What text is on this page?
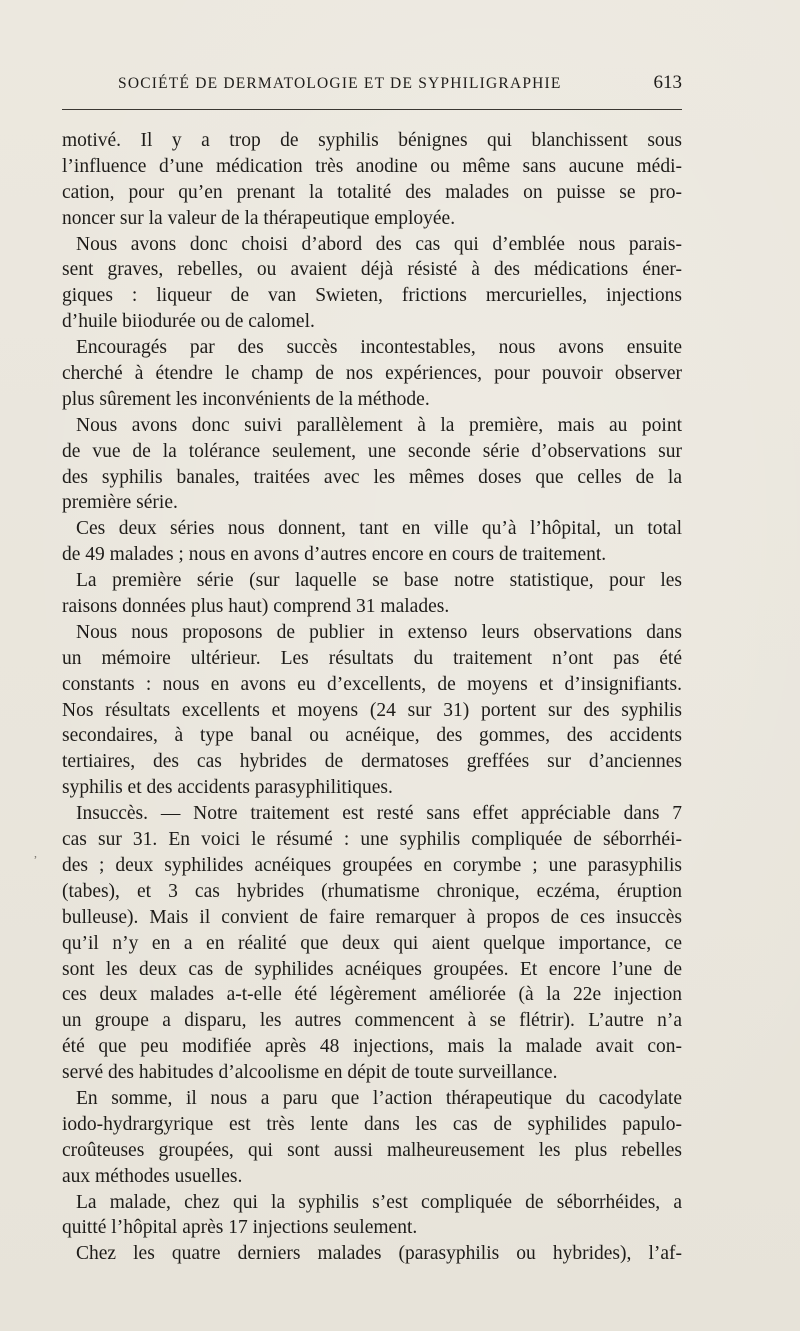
SOCIÉTÉ DE DERMATOLOGIE ET DE SYPHILIGRAPHIE	613
motivé. Il y a trop de syphilis bénignes qui blanchissent sous
l’influence d’une médication très anodine ou même sans aucune médi-
cation, pour qu’en prenant la totalité des malades on puisse se pro-
noncer sur la valeur de la thérapeutique employée.
Nous avons donc choisi d’abord des cas qui d’emblée nous parais-
sent graves, rebelles, ou avaient déjà résisté à des médications éner-
giques : liqueur de van Swieten, frictions mercurielles, injections
d’huile biiodurée ou de calomel.
Encouragés par des succès incontestables, nous avons ensuite
cherché à étendre le champ de nos expériences, pour pouvoir observer
plus sûrement les inconvénients de la méthode.
Nous avons donc suivi parallèlement à la première, mais au point
de vue de la tolérance seulement, une seconde série d’observations sur
des syphilis banales, traitées avec les mêmes doses que celles de la
première série.
Ces deux séries nous donnent, tant en ville qu’à l’hôpital, un total
de 49 malades ; nous en avons d’autres encore en cours de traitement.
La première série (sur laquelle se base notre statistique, pour les
raisons données plus haut) comprend 31 malades.
Nous nous proposons de publier in extenso leurs observations dans
un mémoire ultérieur. Les résultats du traitement n’ont pas été
constants : nous en avons eu d’excellents, de moyens et d’insignifiants.
Nos résultats excellents et moyens (24 sur 31) portent sur des syphilis
secondaires, à type banal ou acnéique, des gommes, des accidents
tertiaires, des cas hybrides de dermatoses greffées sur d’anciennes
syphilis et des accidents parasyphilitiques.
Insuccès. — Notre traitement est resté sans effet appréciable dans 7
cas sur 31. En voici le résumé : une syphilis compliquée de séborrhéi-
des ; deux syphilides acnéiques groupées en corymbe ; une parasyphilis
(tabes), et 3 cas hybrides (rhumatisme chronique, eczéma, éruption
bulleuse). Mais il convient de faire remarquer à propos de ces insuccès
qu’il n’y en a en réalité que deux qui aient quelque importance, ce
sont les deux cas de syphilides acnéiques groupées. Et encore l’une de
ces deux malades a-t-elle été légèrement améliorée (à la 22e injection
un groupe a disparu, les autres commencent à se flétrir). L’autre n’a
été que peu modifiée après 48 injections, mais la malade avait con-
servé des habitudes d’alcoolisme en dépit de toute surveillance.
En somme, il nous a paru que l’action thérapeutique du cacodylate
iodo-hydrargyrique est très lente dans les cas de syphilides papulo-
croûteuses groupées, qui sont aussi malheureusement les plus rebelles
aux méthodes usuelles.
La malade, chez qui la syphilis s’est compliquée de séborrhéides, a
quitté l’hôpital après 17 injections seulement.
Chez les quatre derniers malades (parasyphilis ou hybrides), l’af-
,
